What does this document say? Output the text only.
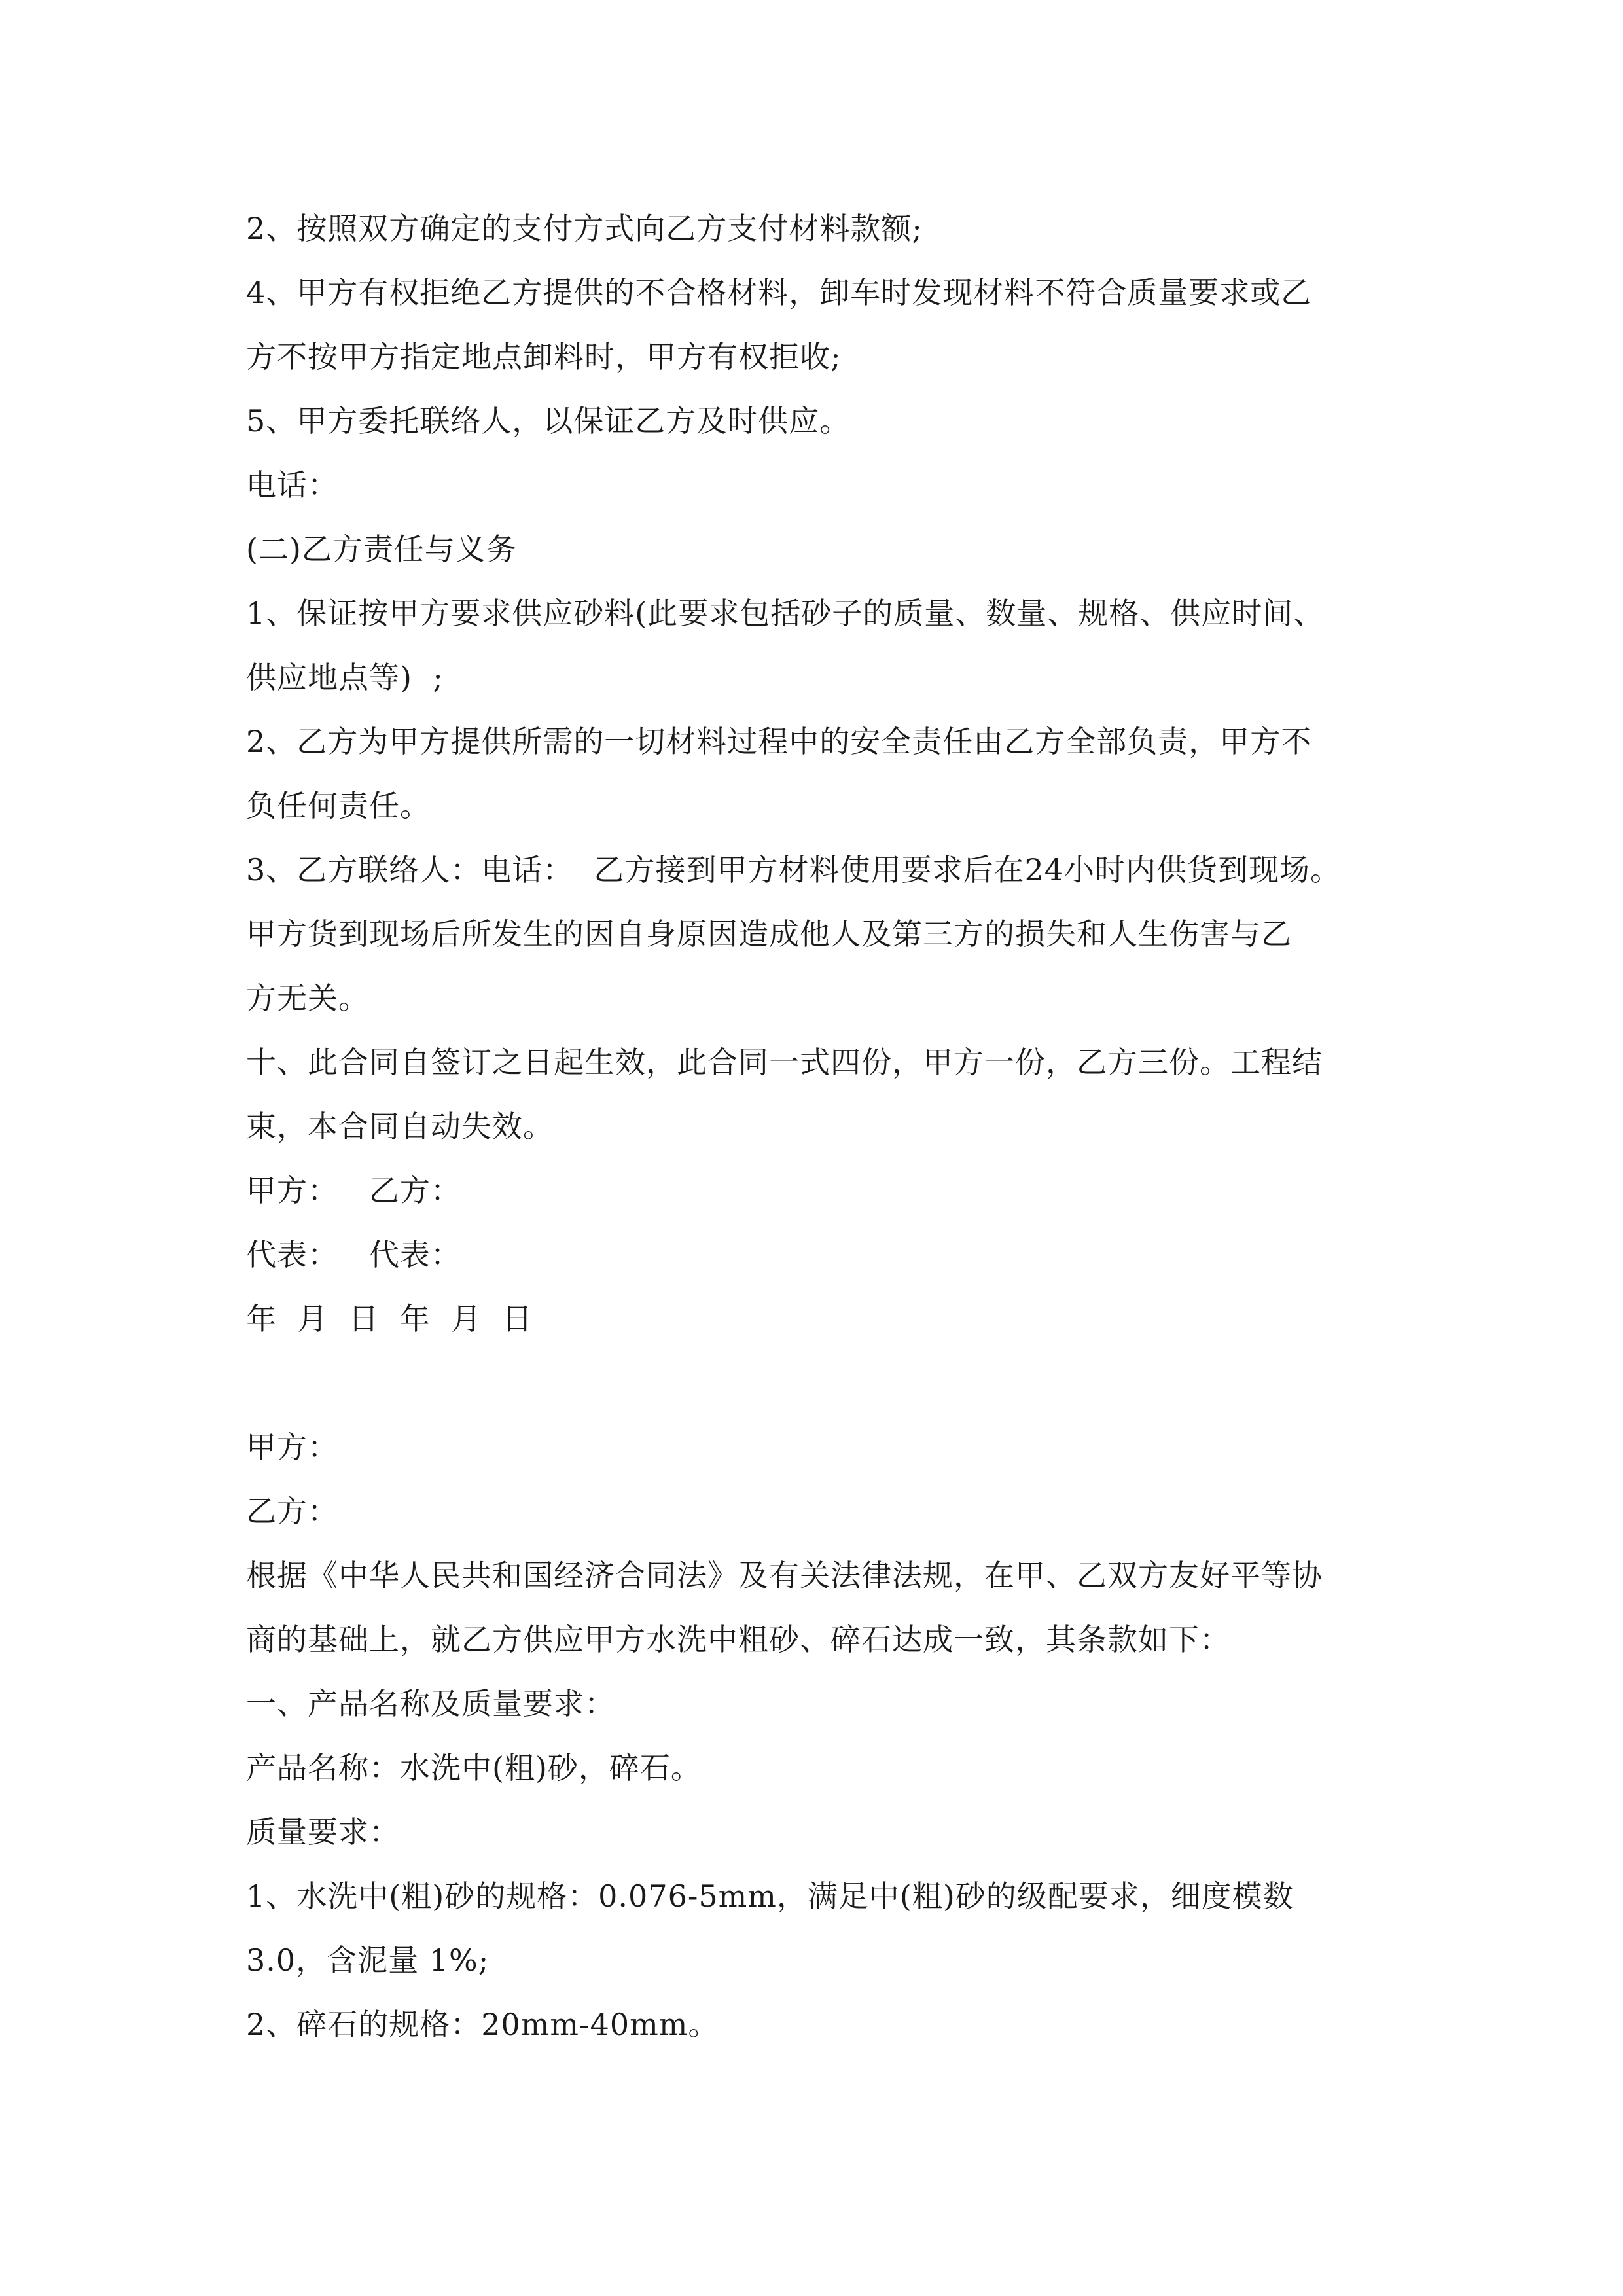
2、按照双方确定的支付方式向乙方支付材料款额;

4、甲方有权拒绝乙方提供的不合格材料，卸车时发现材料不符合质量要求或乙

方不按甲方指定地点卸料时，甲方有权拒收;

5、甲方委托联络人，以保证乙方及时供应。

电话：

(二)乙方责任与义务

1、保证按甲方要求供应砂料(此要求包括砂子的质量、数量、规格、供应时间、

供应地点等)  ;

2、乙方为甲方提供所需的一切材料过程中的安全责任由乙方全部负责，甲方不

负任何责任。

3、乙方联络人：电话：  乙方接到甲方材料使用要求后在24小时内供货到现场。

甲方货到现场后所发生的因自身原因造成他人及第三方的损失和人生伤害与乙

方无关。

十、此合同自签订之日起生效，此合同一式四份，甲方一份，乙方三份。工程结

束，本合同自动失效。

甲方：   乙方：

代表：   代表：

年  月  日  年  月  日

甲方：

乙方：

根据《中华人民共和国经济合同法》及有关法律法规，在甲、乙双方友好平等协

商的基础上，就乙方供应甲方水洗中粗砂、碎石达成一致，其条款如下：

一、产品名称及质量要求：

产品名称：水洗中(粗)砂，碎石。

质量要求：

1、水洗中(粗)砂的规格：0.076-5mm，满足中(粗)砂的级配要求，细度模数

3.0，含泥量 1%;

2、碎石的规格：20mm-40mm。
